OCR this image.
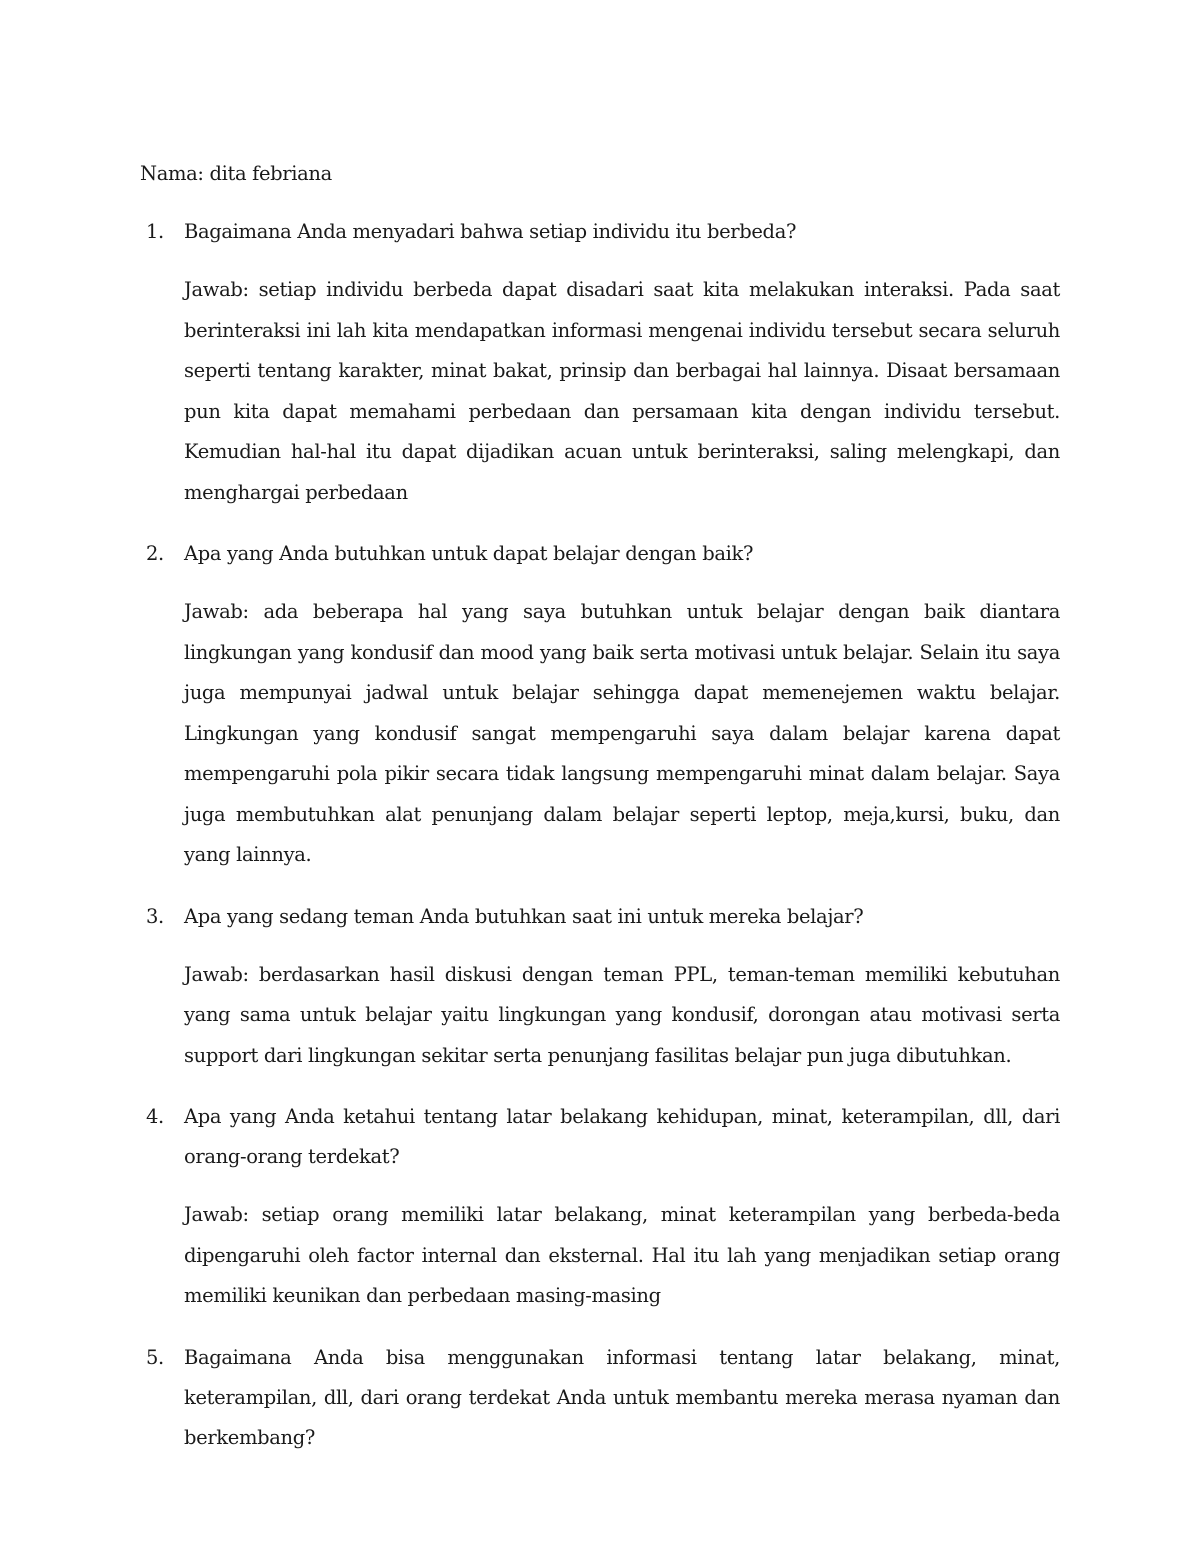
Nama: dita febriana

1. Bagaimana Anda menyadari bahwa setiap individu itu berbeda?

Jawab: setiap individu berbeda dapat disadari saat kita melakukan interaksi. Pada saat berinteraksi ini lah kita mendapatkan informasi mengenai individu tersebut secara seluruh seperti tentang karakter, minat bakat, prinsip dan berbagai hal lainnya. Disaat bersamaan pun kita dapat memahami perbedaan dan persamaan kita dengan individu tersebut. Kemudian hal-hal itu dapat dijadikan acuan untuk berinteraksi, saling melengkapi, dan menghargai perbedaan

2. Apa yang Anda butuhkan untuk dapat belajar dengan baik?

Jawab: ada beberapa hal yang saya butuhkan untuk belajar dengan baik diantara lingkungan yang kondusif dan mood yang baik serta motivasi untuk belajar. Selain itu saya juga mempunyai jadwal untuk belajar sehingga dapat memenejemen waktu belajar. Lingkungan yang kondusif sangat mempengaruhi saya dalam belajar karena dapat mempengaruhi pola pikir secara tidak langsung mempengaruhi minat dalam belajar. Saya juga membutuhkan alat penunjang dalam belajar seperti leptop, meja,kursi, buku, dan yang lainnya.

3. Apa yang sedang teman Anda butuhkan saat ini untuk mereka belajar?

Jawab: berdasarkan hasil diskusi dengan teman PPL, teman-teman memiliki kebutuhan yang sama untuk belajar yaitu lingkungan yang kondusif, dorongan atau motivasi serta support dari lingkungan sekitar serta penunjang fasilitas belajar pun juga dibutuhkan.

4. Apa yang Anda ketahui tentang latar belakang kehidupan, minat, keterampilan, dll, dari orang-orang terdekat?

Jawab: setiap orang memiliki latar belakang, minat keterampilan yang berbeda-beda dipengaruhi oleh factor internal dan eksternal. Hal itu lah yang menjadikan setiap orang memiliki keunikan dan perbedaan masing-masing

5. Bagaimana Anda bisa menggunakan informasi tentang latar belakang, minat, keterampilan, dll, dari orang terdekat Anda untuk membantu mereka merasa nyaman dan berkembang?
